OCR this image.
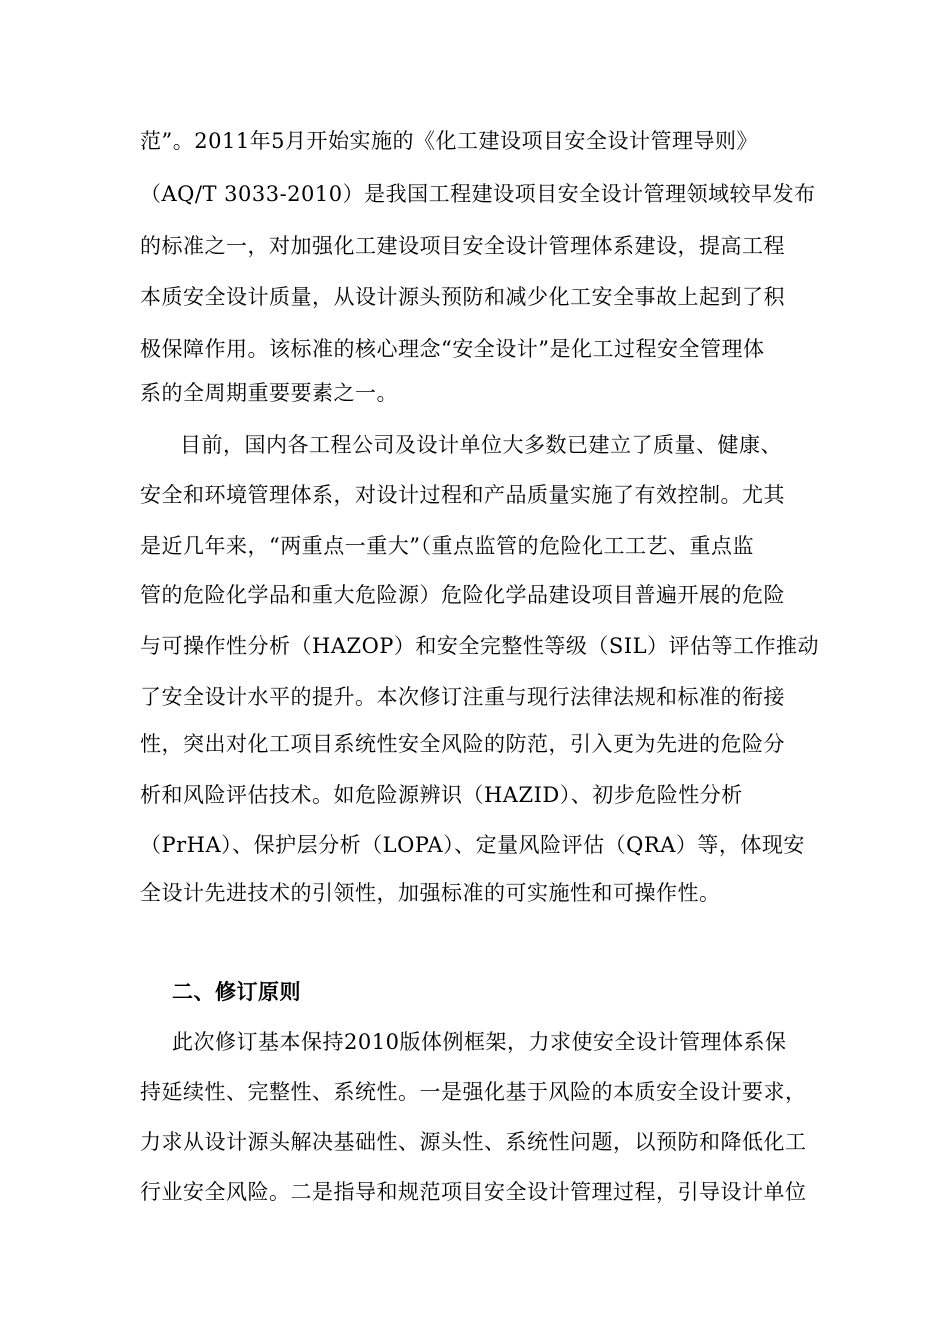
范”。2011年5月开始实施的《化工建设项目安全设计管理导则》
（AQ/T 3033-2010）是我国工程建设项目安全设计管理领域较早发布
的标准之一，对加强化工建设项目安全设计管理体系建设，提高工程
本质安全设计质量，从设计源头预防和减少化工安全事故上起到了积
极保障作用。该标准的核心理念“安全设计”是化工过程安全管理体
系的全周期重要要素之一。
目前，国内各工程公司及设计单位大多数已建立了质量、健康、
安全和环境管理体系，对设计过程和产品质量实施了有效控制。尤其
是近几年来，“两重点一重大”（重点监管的危险化工工艺、重点监
管的危险化学品和重大危险源）危险化学品建设项目普遍开展的危险
与可操作性分析（HAZOP）和安全完整性等级（SIL）评估等工作推动
了安全设计水平的提升。本次修订注重与现行法律法规和标准的衔接
性，突出对化工项目系统性安全风险的防范，引入更为先进的危险分
析和风险评估技术。如危险源辨识（HAZID）、初步危险性分析
（PrHA）、保护层分析（LOPA）、定量风险评估（QRA）等，体现安
全设计先进技术的引领性，加强标准的可实施性和可操作性。
二、修订原则
此次修订基本保持2010版体例框架，力求使安全设计管理体系保
持延续性、完整性、系统性。一是强化基于风险的本质安全设计要求，
力求从设计源头解决基础性、源头性、系统性问题，以预防和降低化工
行业安全风险。二是指导和规范项目安全设计管理过程，引导设计单位
